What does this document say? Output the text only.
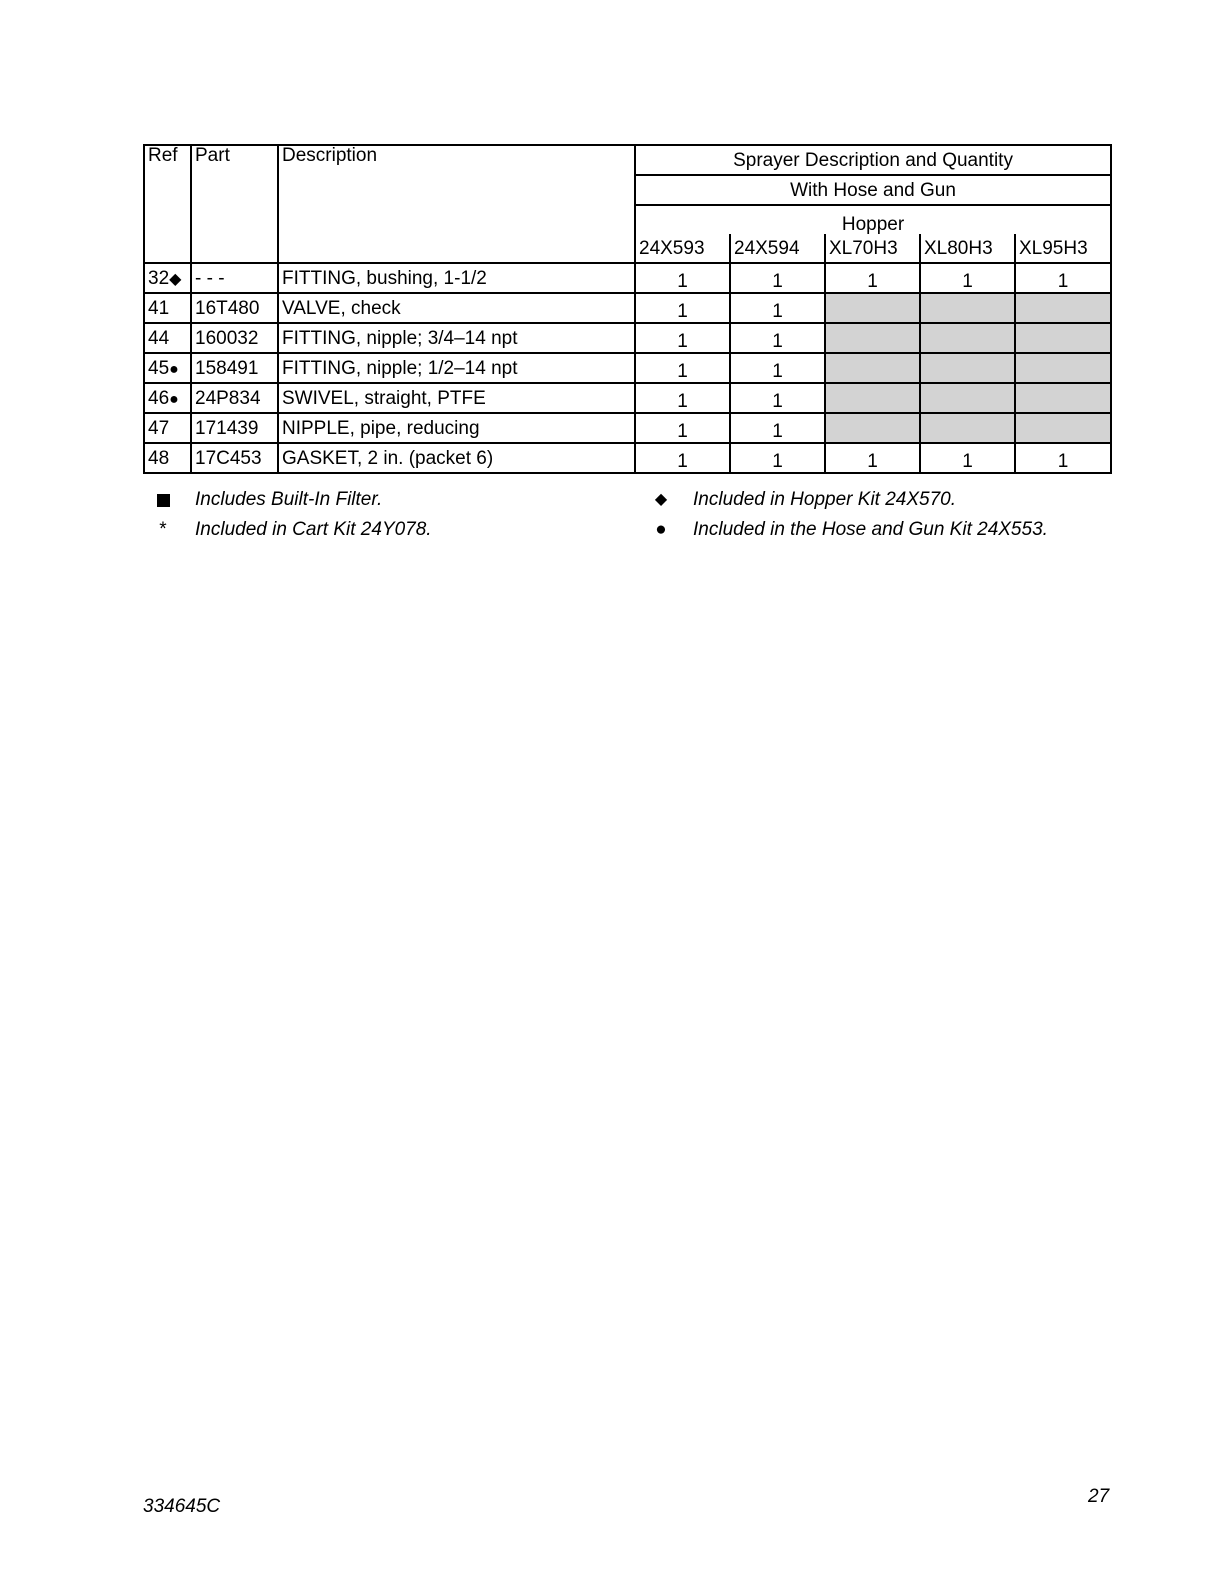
Ref	Part	Description	Sprayer Description and Quantity				
			With Hose and Gun				
			Hopper				
			24X593	24X594	XL70H3	XL80H3	XL95H3
32◆	- - -	FITTING, bushing, 1-1/2	1	1	1	1	1
41	16T480	VALVE, check	1	1			
44	160032	FITTING, nipple; 3/4–14 npt	1	1			
45●	158491	FITTING, nipple; 1/2–14 npt	1	1			
46●	24P834	SWIVEL, straight, PTFE	1	1			
47	171439	NIPPLE, pipe, reducing	1	1			
48	17C453	GASKET, 2 in. (packet 6)	1	1	1	1	1
Includes Built-In Filter.
*	Included in Cart Kit 24Y078.
◆ Included in Hopper Kit 24X570.
● Included in the Hose and Gun Kit 24X553.
334645C	27
